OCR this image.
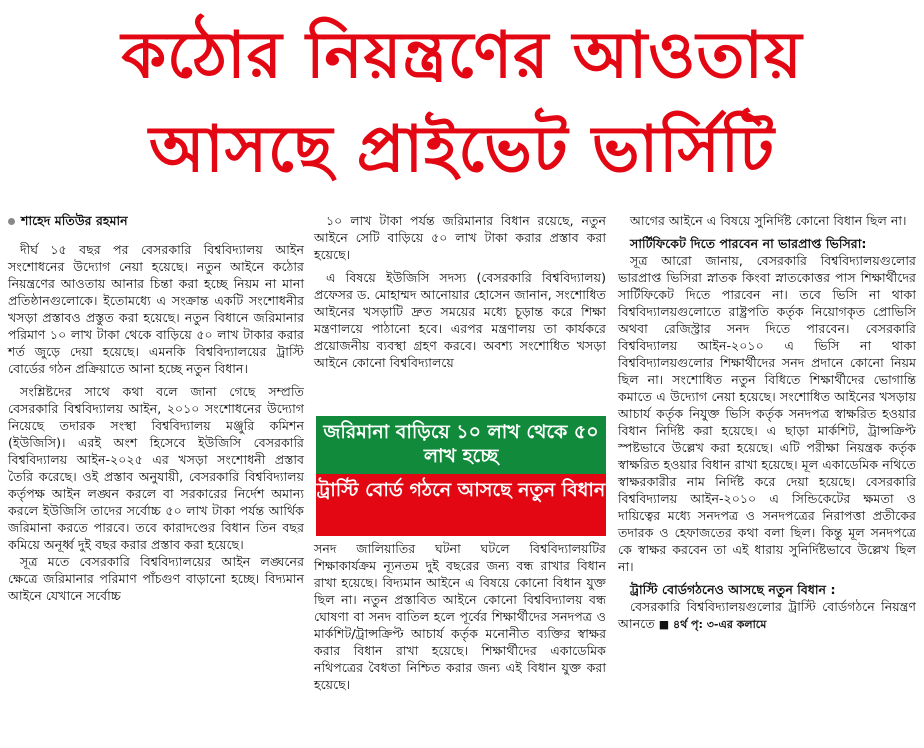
কঠোর নিয়ন্ত্রণের আওতায়
আসছে প্রাইভেট ভার্সিটি
শাহেদ মতিউর রহমান

দীর্ঘ ১৫ বছর পর বেসরকারি বিশ্ববিদ্যালয় আইন সংশোধনের উদ্যোগ নেয়া হয়েছে। নতুন আইনে কঠোর নিয়ন্ত্রণের আওতায় আনার চিন্তা করা হচ্ছে নিয়ম না মানা প্রতিষ্ঠানগুলোকে। ইতোমধ্যে এ সংক্রান্ত একটি সংশোধনীর খসড়া প্রস্তাবও প্রস্তুত করা হয়েছে। নতুন বিধানে জরিমানার পরিমাণ ১০ লাখ টাকা থেকে বাড়িয়ে ৫০ লাখ টাকার করার শর্ত জুড়ে দেয়া হয়েছে। এমনকি বিশ্ববিদ্যালয়ের ট্রাস্টি বোর্ডের গঠন প্রক্রিয়াতে আনা হচ্ছে নতুন বিধান।

সংশ্লিষ্টদের সাথে কথা বলে জানা গেছে সম্প্রতি বেসরকারি বিশ্ববিদ্যালয় আইন, ২০১০ সংশোধনের উদ্যোগ নিয়েছে তদারক সংস্থা বিশ্ববিদ্যালয় মঞ্জুরি কমিশন (ইউজিসি)। এরই অংশ হিসেবে ইউজিসি বেসরকারি বিশ্ববিদ্যালয় আইন-২০২৫ এর খসড়া সংশোধনী প্রস্তাব তৈরি করেছে। ওই প্রস্তাব অনুযায়ী, বেসরকারি বিশ্ববিদ্যালয় কর্তৃপক্ষ আইন লঙ্ঘন করলে বা সরকারের নির্দেশ অমান্য করলে ইউজিসি তাদের সর্বোচ্চ ৫০ লাখ টাকা পর্যন্ত আর্থিক জরিমানা করতে পারবে। তবে কারাদণ্ডের বিধান তিন বছর কমিয়ে অনূর্ধ্ব দুই বছর করার প্রস্তাব করা হয়েছে।

সূত্র মতে বেসরকারি বিশ্ববিদ্যালয়ের আইন লঙ্ঘনের ক্ষেত্রে জরিমানার পরিমাণ পাঁচগুণ বাড়ানো হচ্ছে। বিদ্যমান আইনে যেখানে সর্বোচ্চ

১০ লাখ টাকা পর্যন্ত জরিমানার বিধান রয়েছে, নতুন আইনে সেটি বাড়িয়ে ৫০ লাখ টাকা করার প্রস্তাব করা হয়েছে।

এ বিষয়ে ইউজিসি সদস্য (বেসরকারি বিশ্ববিদ্যালয়) প্রফেসর ড. মোহাম্মদ আনোয়ার হোসেন জানান, সংশোধিত আইনের খসড়াটি দ্রুত সময়ের মধ্যে চূড়ান্ত করে শিক্ষা মন্ত্রণালয়ে পাঠানো হবে। এরপর মন্ত্রণালয় তা কার্যকরে প্রয়োজনীয় ব্যবস্থা গ্রহণ করবে। অবশ্য সংশোধিত খসড়া আইনে কোনো বিশ্ববিদ্যালয়ে

জরিমানা বাড়িয়ে ১০ লাখ থেকে ৫০ লাখ হচ্ছে
ট্রাস্টি বোর্ড গঠনে আসছে নতুন বিধান

সনদ জালিয়াতির ঘটনা ঘটলে বিশ্ববিদ্যালয়টির শিক্ষাকার্যক্রম ন্যূনতম দুই বছরের জন্য বন্ধ রাখার বিধান রাখা হয়েছে। বিদ্যমান আইনে এ বিষয়ে কোনো বিধান যুক্ত ছিল না। নতুন প্রস্তাবিত আইনে কোনো বিশ্ববিদ্যালয় বন্ধ ঘোষণা বা সনদ বাতিল হলে পূর্বের শিক্ষার্থীদের সনদপত্র ও মার্কশিট/ট্রান্সক্রিপ্ট আচার্য কর্তৃক মনোনীত ব্যক্তির স্বাক্ষর করার বিধান রাখা হয়েছে। শিক্ষার্থীদের একাডেমিক নথিপত্রের বৈধতা নিশ্চিত করার জন্য এই বিধান যুক্ত করা হয়েছে।

আগের আইনে এ বিষয়ে সুনির্দিষ্ট কোনো বিধান ছিল না।

সার্টিফিকেট দিতে পারবেন না ভারপ্রাপ্ত ভিসিরা:

সূত্র আরো জানায়, বেসরকারি বিশ্ববিদ্যালয়গুলোর ভারপ্রাপ্ত ভিসিরা স্নাতক কিংবা স্নাতকোত্তর পাস শিক্ষার্থীদের সার্টিফিকেট দিতে পারবেন না। তবে ভিসি না থাকা বিশ্ববিদ্যালয়গুলোতে রাষ্ট্রপতি কর্তৃক নিয়োগকৃত প্রোভিসি অথবা রেজিস্ট্রার সনদ দিতে পারবেন। বেসরকারি বিশ্ববিদ্যালয় আইন-২০১০ এ ভিসি না থাকা বিশ্ববিদ্যালয়গুলোর শিক্ষার্থীদের সনদ প্রদানে কোনো নিয়ম ছিল না। সংশোধিত নতুন বিধিতে শিক্ষার্থীদের ভোগান্তি কমাতে এ উদ্যোগ নেয়া হয়েছে। সংশোধিত আইনের খসড়ায় আচার্য কর্তৃক নিযুক্ত ভিসি কর্তৃক সনদপত্র স্বাক্ষরিত হওয়ার বিধান নির্দিষ্ট করা হয়েছে। এ ছাড়া মার্কশিট, ট্রান্সক্রিপ্ট স্পষ্টভাবে উল্লেখ করা হয়েছে। এটি পরীক্ষা নিয়ন্ত্রক কর্তৃক স্বাক্ষরিত হওয়ার বিধান রাখা হয়েছে। মূল একাডেমিক নথিতে স্বাক্ষরকারীর নাম নির্দিষ্ট করে দেয়া হয়েছে। বেসরকারি বিশ্ববিদ্যালয় আইন-২০১০ এ সিন্ডিকেটের ক্ষমতা ও দায়িত্বের মধ্যে সনদপত্র ও সনদপত্রের নিরাপত্তা প্রতীকের তদারক ও হেফাজতের কথা বলা ছিল। কিন্তু মূল সনদপত্রে কে স্বাক্ষর করবেন তা এই ধারায় সুনির্দিষ্টভাবে উল্লেখ ছিল না।

ট্রাস্টি বোর্ডগঠনেও আসছে নতুন বিধান :

বেসরকারি বিশ্ববিদ্যালয়গুলোর ট্রাস্টি বোর্ডগঠনে নিয়ন্ত্রণ আনতে ■ ৪র্থ পৃ: ৩-এর কলামে
